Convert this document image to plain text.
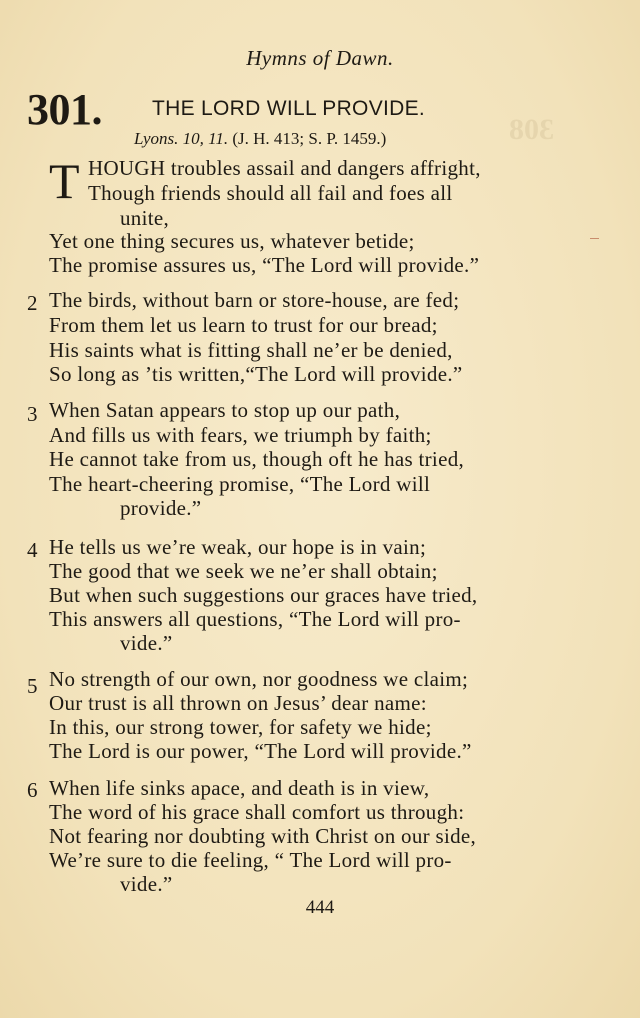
Hymns of Dawn.
301. THE LORD WILL PROVIDE.
Lyons. 10, 11. (J. H. 413; S. P. 1459.)	308
T HOUGH troubles assail and dangers affright,
Though friends should all fail and foes all
unite,
Yet one thing secures us, whatever betide;
The promise assures us, “The Lord will provide.”
2 The birds, without barn or store-house, are fed;
From them let us learn to trust for our bread;
His saints what is fitting shall ne’er be denied,
So long as ’tis written,“The Lord will provide.”
3 When Satan appears to stop up our path,
And fills us with fears, we triumph by faith;
He cannot take from us, though oft he has tried,
The heart-cheering promise, “The Lord will
provide.”
4 He tells us we’re weak, our hope is in vain;
The good that we seek we ne’er shall obtain;
But when such suggestions our graces have tried,
This answers all questions, “The Lord will pro-
vide.”
5 No strength of our own, nor goodness we claim;
Our trust is all thrown on Jesus’ dear name:
In this, our strong tower, for safety we hide;
The Lord is our power, “The Lord will provide.”
6 When life sinks apace, and death is in view,
The word of his grace shall comfort us through:
Not fearing nor doubting with Christ on our side,
We’re sure to die feeling, “ The Lord will pro-
vide.”
444
